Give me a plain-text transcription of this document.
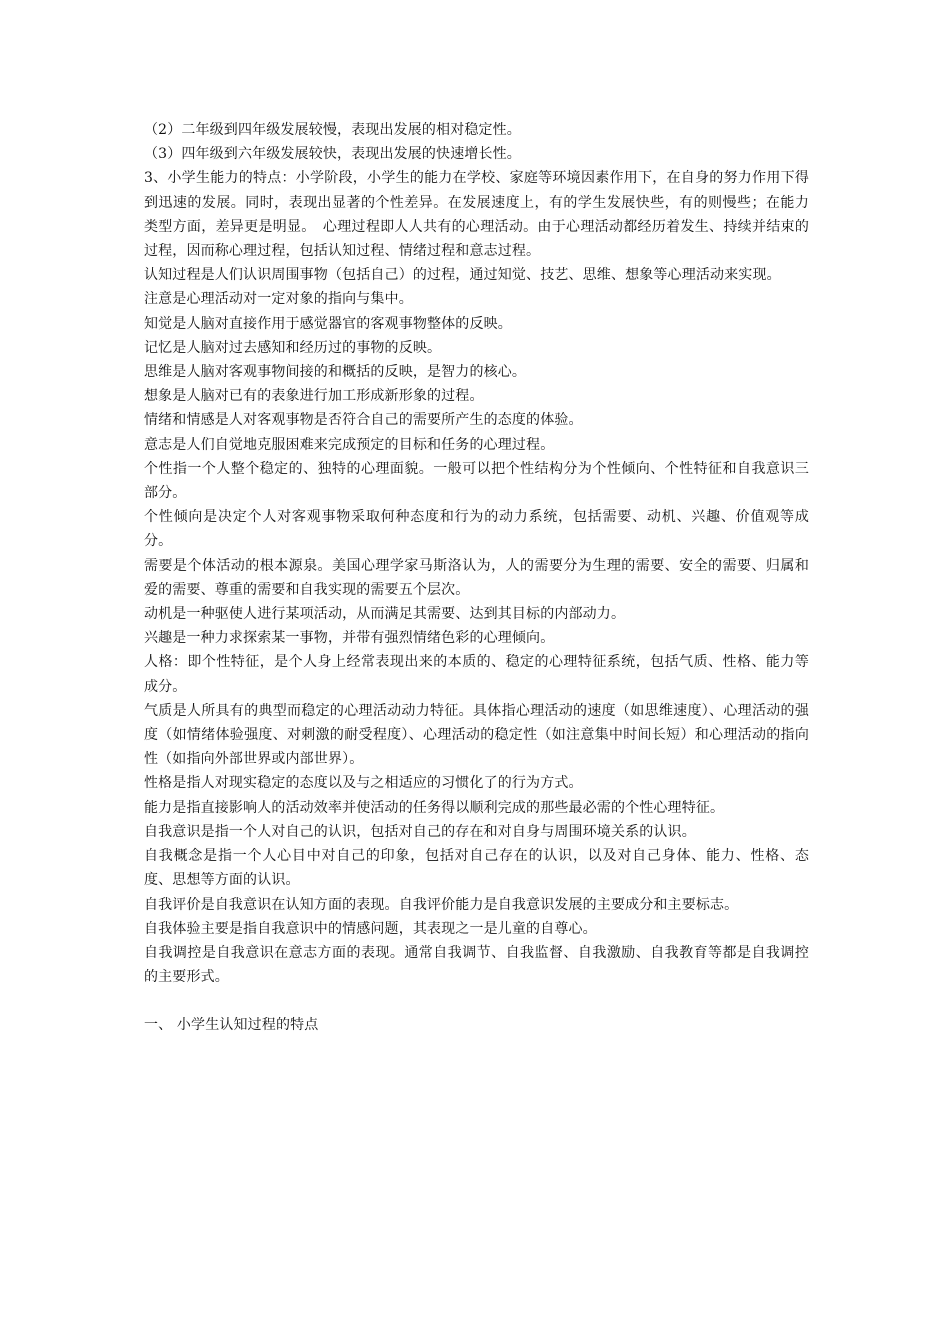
（2）二年级到四年级发展较慢，表现出发展的相对稳定性。

（3）四年级到六年级发展较快，表现出发展的快速增长性。

3、小学生能力的特点：小学阶段，小学生的能力在学校、家庭等环境因素作用下，在自身的努力作用下得到迅速的发展。同时，表现出显著的个性差异。在发展速度上，有的学生发展快些，有的则慢些；在能力类型方面，差异更是明显。　心理过程即人人共有的心理活动。由于心理活动都经历着发生、持续并结束的过程，因而称心理过程，包括认知过程、情绪过程和意志过程。

认知过程是人们认识周围事物（包括自己）的过程，通过知觉、技艺、思维、想象等心理活动来实现。

注意是心理活动对一定对象的指向与集中。

知觉是人脑对直接作用于感觉器官的客观事物整体的反映。

记忆是人脑对过去感知和经历过的事物的反映。

思维是人脑对客观事物间接的和概括的反映，是智力的核心。

想象是人脑对已有的表象进行加工形成新形象的过程。

情绪和情感是人对客观事物是否符合自己的需要所产生的态度的体验。

意志是人们自觉地克服困难来完成预定的目标和任务的心理过程。

个性指一个人整个稳定的、独特的心理面貌。一般可以把个性结构分为个性倾向、个性特征和自我意识三部分。

个性倾向是决定个人对客观事物采取何种态度和行为的动力系统，包括需要、动机、兴趣、价值观等成分。

需要是个体活动的根本源泉。美国心理学家马斯洛认为，人的需要分为生理的需要、安全的需要、归属和爱的需要、尊重的需要和自我实现的需要五个层次。

动机是一种驱使人进行某项活动，从而满足其需要、达到其目标的内部动力。

兴趣是一种力求探索某一事物，并带有强烈情绪色彩的心理倾向。

人格：即个性特征，是个人身上经常表现出来的本质的、稳定的心理特征系统，包括气质、性格、能力等成分。

气质是人所具有的典型而稳定的心理活动动力特征。具体指心理活动的速度（如思维速度）、心理活动的强度（如情绪体验强度、对刺激的耐受程度）、心理活动的稳定性（如注意集中时间长短）和心理活动的指向性（如指向外部世界或内部世界）。

性格是指人对现实稳定的态度以及与之相适应的习惯化了的行为方式。

能力是指直接影响人的活动效率并使活动的任务得以顺利完成的那些最必需的个性心理特征。

自我意识是指一个人对自己的认识，包括对自己的存在和对自身与周围环境关系的认识。

自我概念是指一个人心目中对自己的印象，包括对自己存在的认识，以及对自己身体、能力、性格、态度、思想等方面的认识。

自我评价是自我意识在认知方面的表现。自我评价能力是自我意识发展的主要成分和主要标志。

自我体验主要是指自我意识中的情感问题，其表现之一是儿童的自尊心。

自我调控是自我意识在意志方面的表现。通常自我调节、自我监督、自我激励、自我教育等都是自我调控的主要形式。

一、 小学生认知过程的特点
